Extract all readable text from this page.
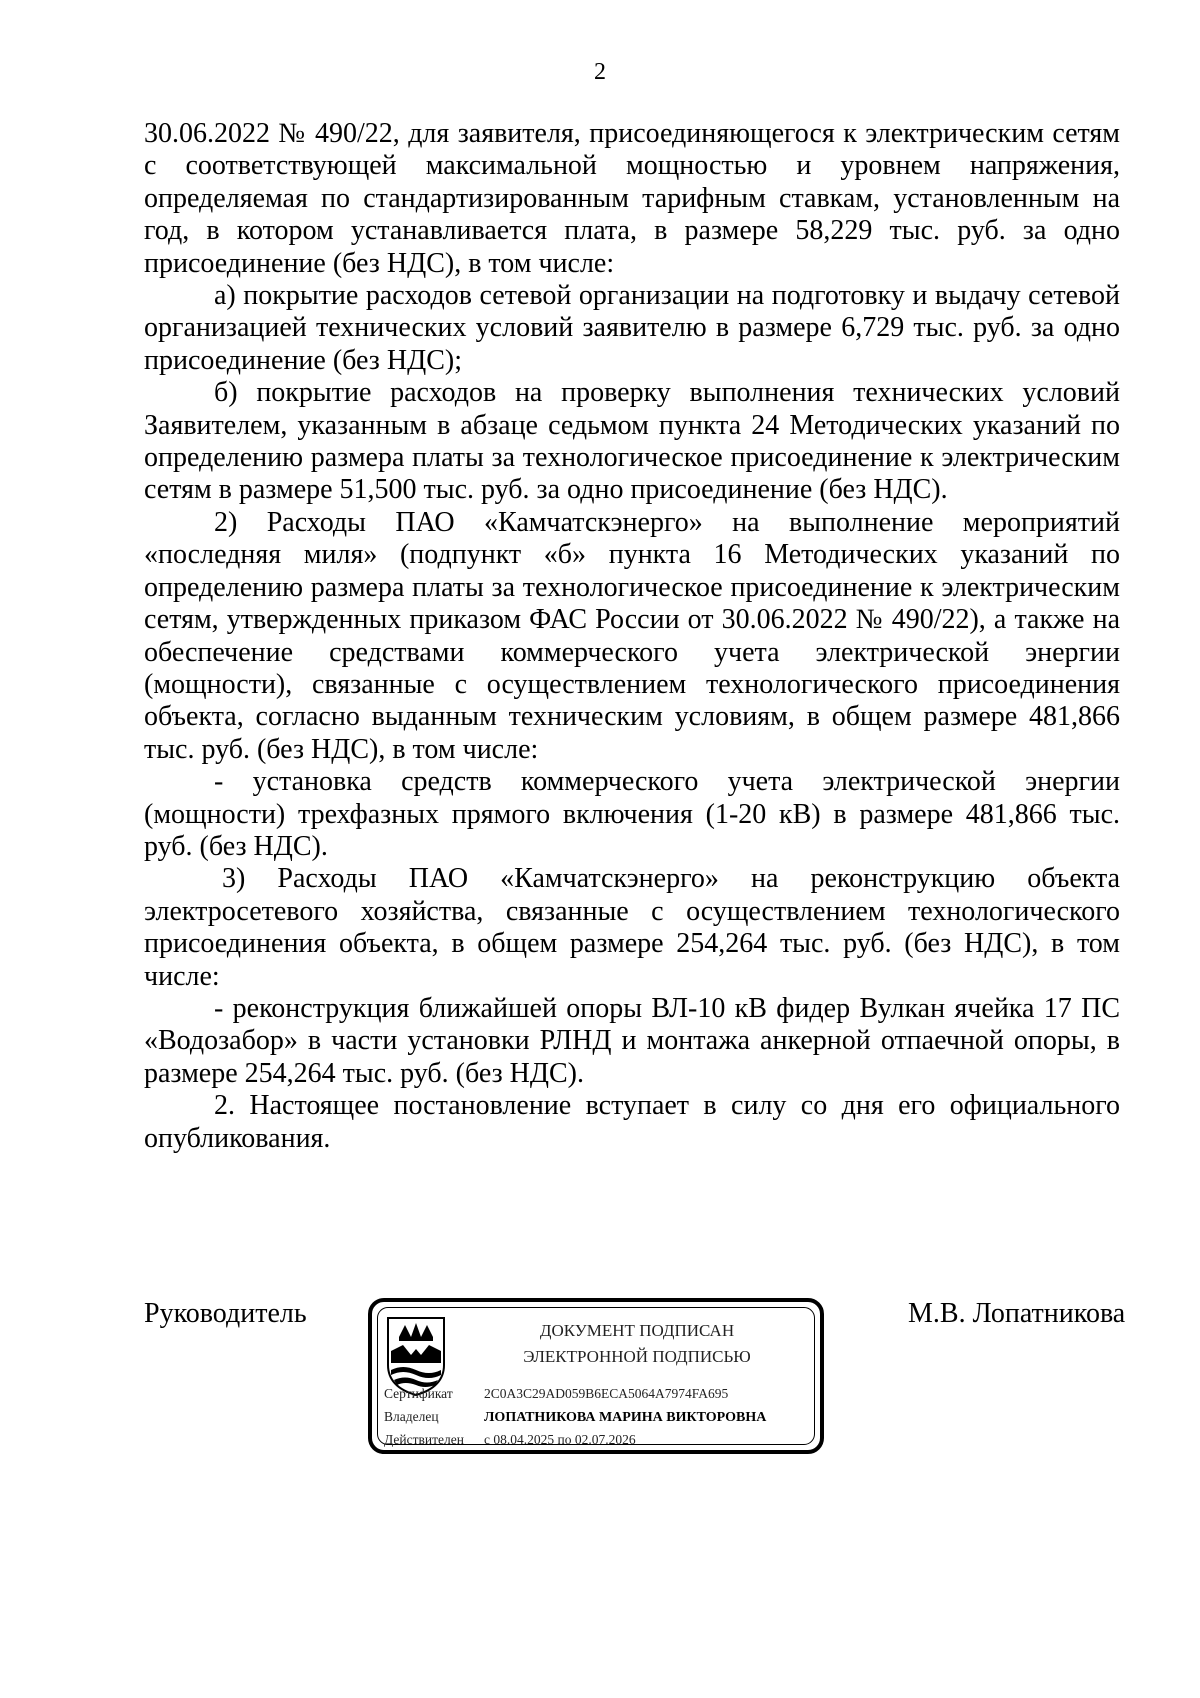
2

30.06.2022 № 490/22, для заявителя, присоединяющегося к электрическим сетям с соответствующей максимальной мощностью и уровнем напряжения, определяемая по стандартизированным тарифным ставкам, установленным на год, в котором устанавливается плата, в размере 58,229 тыс. руб. за одно присоединение (без НДС), в том числе:

а) покрытие расходов сетевой организации на подготовку и выдачу сетевой организацией технических условий заявителю в размере 6,729 тыс. руб. за одно присоединение (без НДС);

б) покрытие расходов на проверку выполнения технических условий Заявителем, указанным в абзаце седьмом пункта 24 Методических указаний по определению размера платы за технологическое присоединение к электрическим сетям в размере 51,500 тыс. руб. за одно присоединение (без НДС).

2) Расходы ПАО «Камчатскэнерго» на выполнение мероприятий «последняя миля» (подпункт «б» пункта 16 Методических указаний по определению размера платы за технологическое присоединение к электрическим сетям, утвержденных приказом ФАС России от 30.06.2022 № 490/22), а также на обеспечение средствами коммерческого учета электрической энергии (мощности), связанные с осуществлением технологического присоединения объекта, согласно выданным техническим условиям, в общем размере 481,866 тыс. руб. (без НДС), в том числе:

- установка средств коммерческого учета электрической энергии (мощности) трехфазных прямого включения (1-20 кВ) в размере 481,866 тыс. руб. (без НДС).

3) Расходы ПАО «Камчатскэнерго» на реконструкцию объекта электросетевого хозяйства, связанные с осуществлением технологического присоединения объекта, в общем размере 254,264 тыс. руб. (без НДС), в том числе:

- реконструкция ближайшей опоры ВЛ-10 кВ фидер Вулкан ячейка 17 ПС «Водозабор» в части установки РЛНД и монтажа анкерной отпаечной опоры, в размере 254,264 тыс. руб. (без НДС).

2. Настоящее постановление вступает в силу со дня его официального опубликования.

Руководитель
ДОКУМЕНТ ПОДПИСАН
ЭЛЕКТРОННОЙ ПОДПИСЬЮ
Сертификат 2C0A3C29AD059B6ECA5064A7974FA695
Владелец	ЛОПАТНИКОВА МАРИНА ВИКТОРОВНА
Действителен с 08.04.2025 по 02.07.2026
М.В. Лопатникова
